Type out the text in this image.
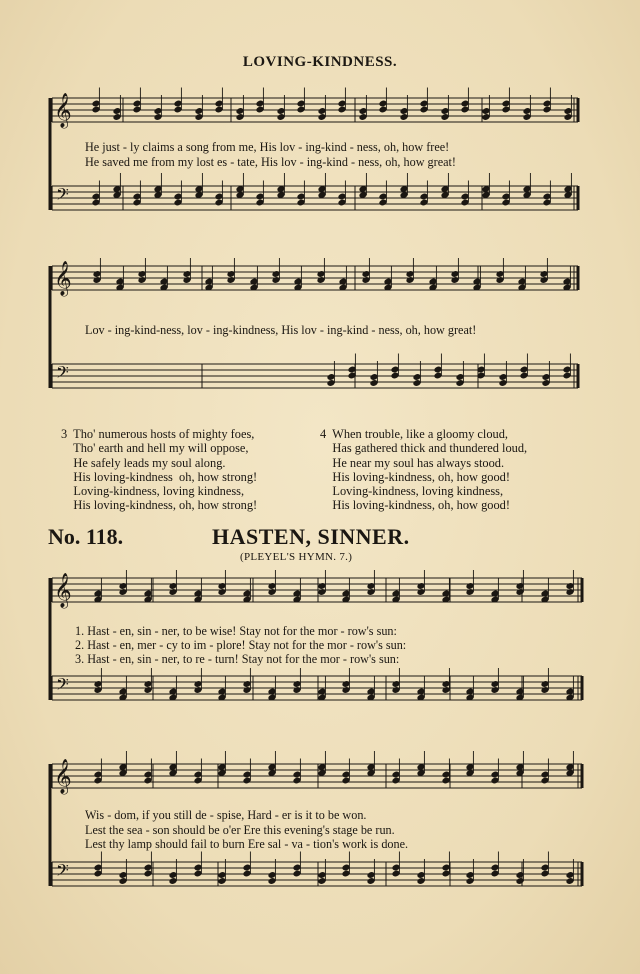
𝄞
𝄢
𝄞
𝄢
𝄞
𝄢
𝄞
𝄢
LOVING-KINDNESS.
He just - ly claims a song from me, His lov - ing-kind - ness, oh, how free!
He saved me from my lost es - tate, His lov - ing-kind - ness, oh, how great!
Lov - ing-kind-ness, lov - ing-kindness, His lov - ing-kind - ness, oh, how great!
3  Tho' numerous hosts of mighty foes,
Tho' earth and hell my will oppose,
He safely leads my soul along.
His loving-kindness  oh, how strong!
Loving-kindness, loving kindness,
His loving-kindness, oh, how strong!
4  When trouble, like a gloomy cloud,
Has gathered thick and thundered loud,
He near my soul has always stood.
His loving-kindness, oh, how good!
Loving-kindness, loving kindness,
His loving-kindness, oh, how good!
No. 118.	HASTEN, SINNER.
(PLEYEL'S HYMN. 7.)
1. Hast - en, sin - ner, to be wise! Stay not for the mor - row's sun:
2. Hast - en, mer - cy to im - plore! Stay not for the mor - row's sun:
3. Hast - en, sin - ner, to re - turn! Stay not for the mor - row's sun:
Wis - dom, if you still de - spise, Hard - er is it to be won.
Lest the sea - son should be o'er Ere this evening's stage be run.
Lest thy lamp should fail to burn Ere sal - va - tion's work is done.
